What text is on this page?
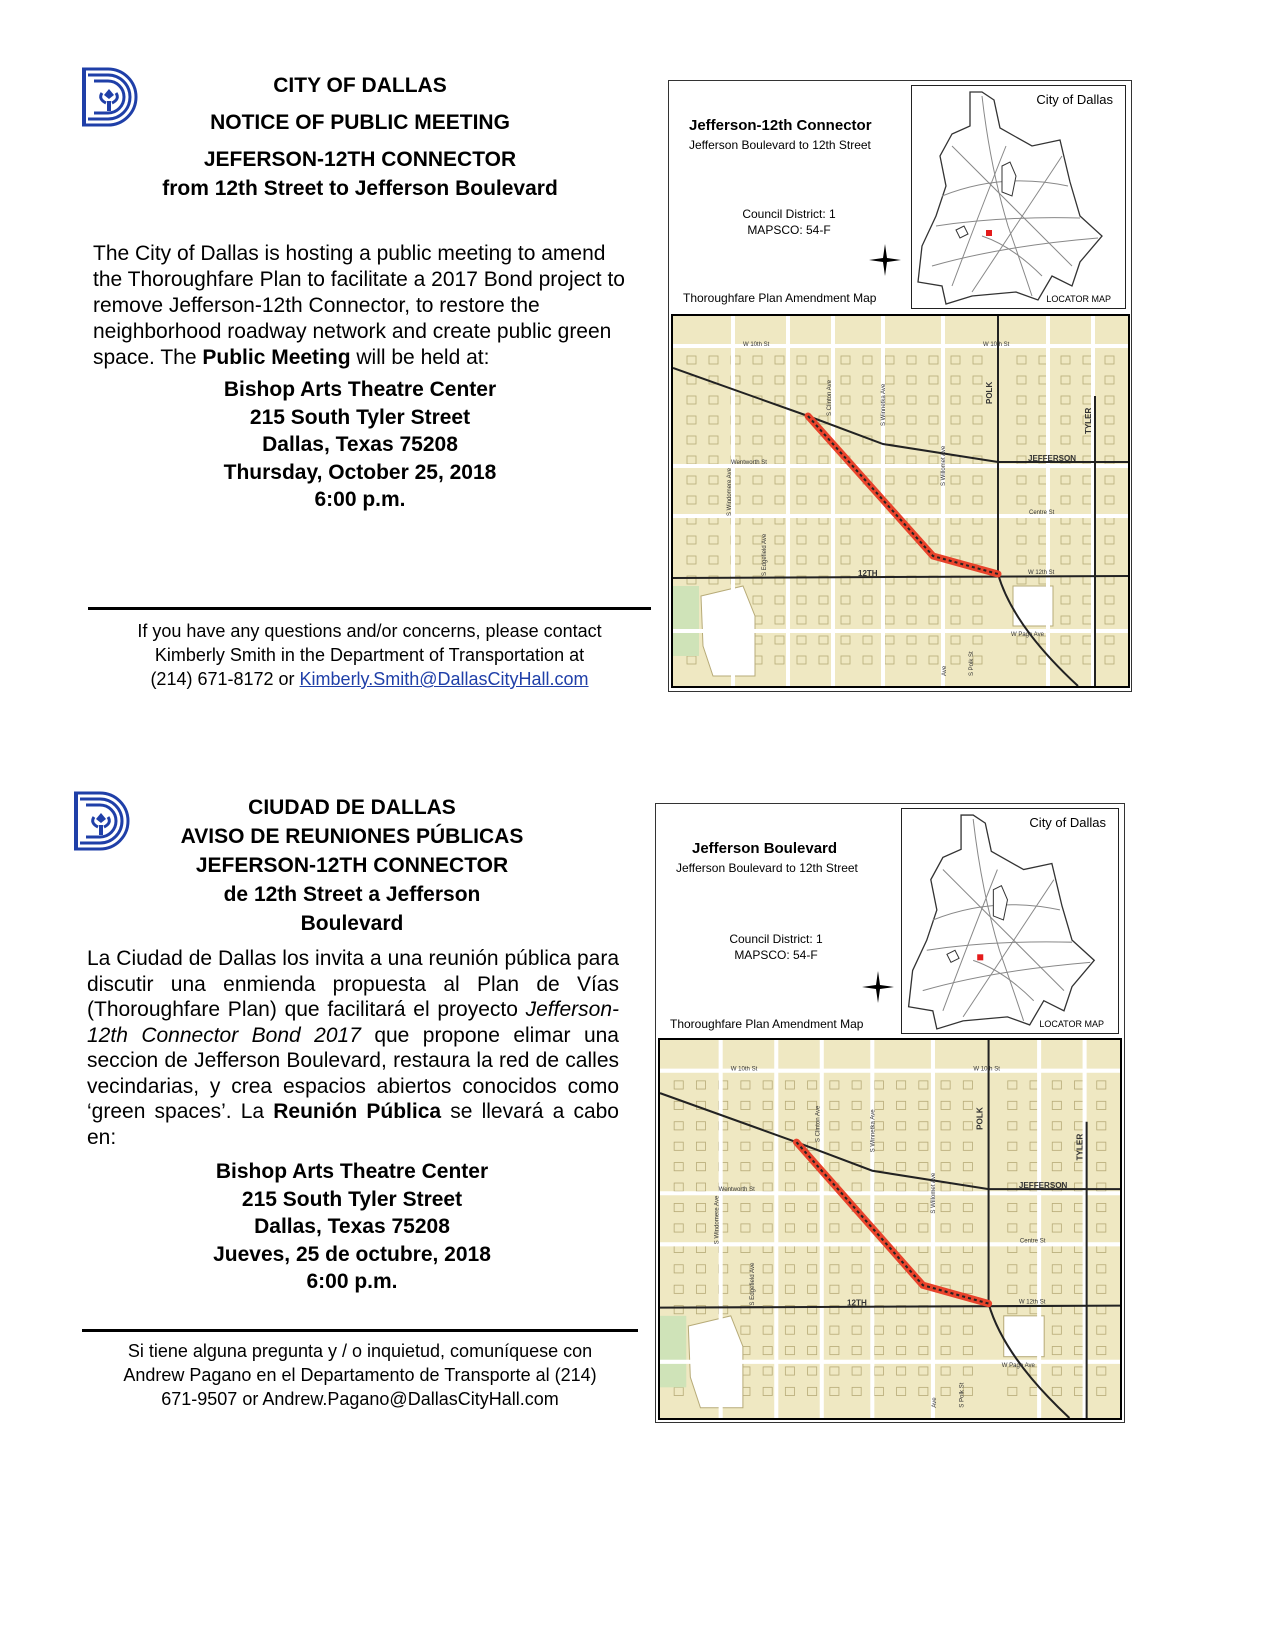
CITY OF DALLAS
NOTICE OF PUBLIC MEETING
JEFERSON-12TH CONNECTOR
from 12th Street to Jefferson Boulevard
The City of Dallas is hosting a public meeting to amend the Thoroughfare Plan to facilitate a 2017 Bond project to remove Jefferson-12th Connector, to restore the neighborhood roadway network and create public green space. The Public Meeting will be held at:
Bishop Arts Theatre Center
215 South Tyler Street
Dallas, Texas 75208
Thursday, October 25, 2018
6:00 p.m.
If you have any questions and/or concerns, please contact
Kimberly Smith in the Department of Transportation at
(214) 671-8172 or Kimberly.Smith@DallasCityHall.com
Jefferson-12th Connector
Jefferson Boulevard to 12th Street
Council District: 1
MAPSCO: 54-F
Thoroughfare Plan Amendment Map
City of Dallas
LOCATOR MAP
W 10th St	W 10th St
POLK
TYLER
JEFFERSON
12TH	W 12th St
Centre St
Wentworth St
W Page Ave
S Windomere Ave
S Edgefield Ave
S Clinton Ave	S Winnetka Ave
S Willomet Ave
S Polk St
Ave
CIUDAD DE DALLAS
AVISO DE REUNIONES PÚBLICAS
JEFERSON-12TH CONNECTOR
de 12th Street a Jefferson
Boulevard
La Ciudad de Dallas los invita a una reunión pública para discutir una enmienda propuesta al Plan de Vías (Thoroughfare Plan) que facilitará el proyecto Jefferson-12th Connector Bond 2017 que propone elimar una
seccion de Jefferson Boulevard, restaura la red de calles vecindarias, y crea espacios abiertos conocidos como ‘green spaces’. La Reunión Pública se llevará a cabo en:
Bishop Arts Theatre Center
215 South Tyler Street
Dallas, Texas 75208
Jueves, 25 de octubre, 2018
6:00 p.m.
Si tiene alguna pregunta y / o inquietud, comuníquese con
Andrew Pagano en el Departamento de Transporte al (214)
671-9507 or Andrew.Pagano@DallasCityHall.com
Jefferson Boulevard
Jefferson Boulevard to 12th Street
Council District: 1
MAPSCO: 54-F
Thoroughfare Plan Amendment Map
City of Dallas
LOCATOR MAP
W 10th St	W 10th St
POLK
TYLER
JEFFERSON
12TH	W 12th St
Centre St
Wentworth St
W Page Ave
S Windomere Ave
S Edgefield Ave
S Clinton Ave	S Winnetka Ave
S Willomet Ave
S Polk St
Ave
